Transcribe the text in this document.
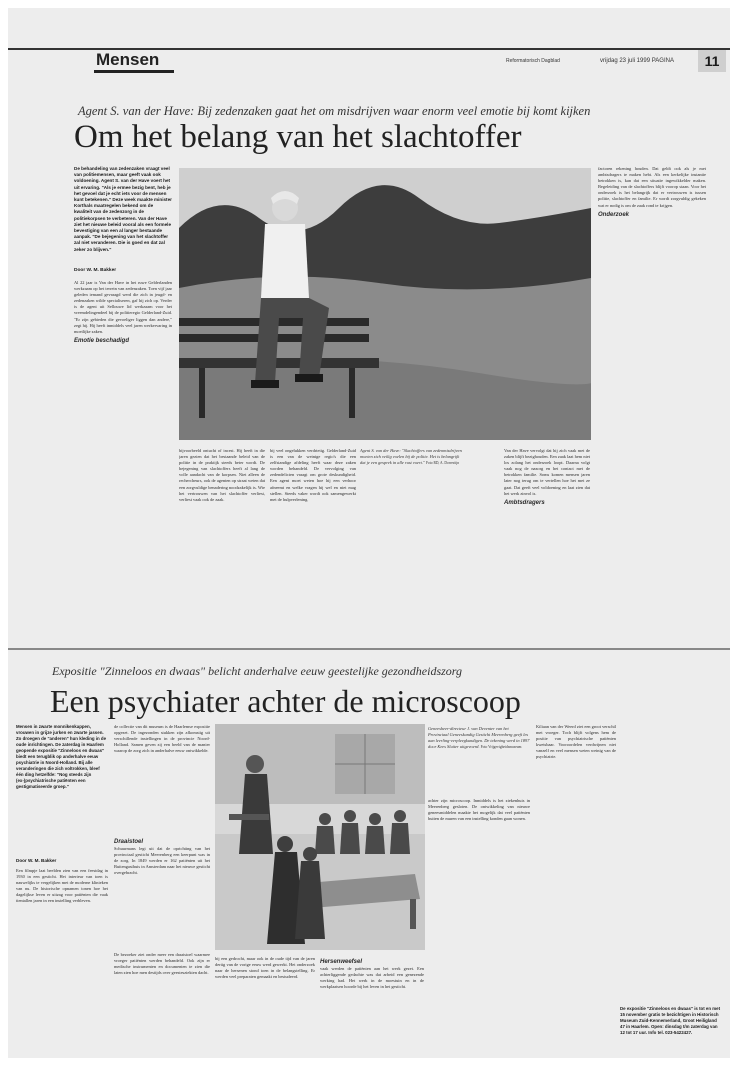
Mensen	Reformatorisch Dagblad	vrijdag 23 juli 1999 PAGINA	11
Agent S. van der Have: Bij zedenzaken gaat het om misdrijven waar enorm veel emotie bij komt kijken
Om het belang van het slachtoffer
De behandeling van zedenzaken vraagt veel van politiemensen, maar geeft vaak ook voldoening. Agent S. van der Have voert het uit ervaring. "Als je ermee bezig bent, heb je het gevoel dat je echt iets voor de mensen kunt betekenen." Deze week maakte minister Korthals maatregelen bekend om de kwaliteit van de zedenzorg in de politiekorpsen te verbeteren. Van der Have ziet het nieuwe beleid vooral als een formele bevestiging van een al langer bestaande aanpak. "De bejegening van het slachtoffer zal niet veranderen. Die is goed en dat zal zeker zo blijven."
Door W. M. Bakker

Al 22 jaar is Van der Have in het ruwe Gelderlanden werkzaam op het terrein van zedenzaken. Toen vijf jaar geleden iemand gevraagd werd die zich in jeugd- en zedenzaken wilde specialiseren, gaf hij zich op. Verder is de agent uit Sellouwe lid werkzaam voor het vreemdelingendeel bij de politieregio Gelderland-Zuid. "Er zijn gebieden die gevoeliger liggen dan andere," zegt hij. Hij heeft inmiddels veel jaren werkervaring in moeilijke zaken.

Emotie beschadigd

bijvoorbeeld ontucht of incest. Hij heeft in die jaren gezien dat het bestaande beleid van de politie in de praktijk steeds beter wordt. De bejegening van slachtoffers heeft al lang de volle aandacht van de korpsen. Niet alleen de rechercheurs, ook de agenten op straat weten dat een zorgvuldige benadering noodzakelijk is. Wie het vertrouwen van het slachtoffer verliest, verliest vaak ook de zaak.

bij veel ongelukken verdrietig. Gelderland-Zuid is een van de weinige regio's die een zelfstandige afdeling heeft waar deze zaken worden behandeld. De vervolging van zedendelicten vraagt om grote deskundigheid. Een agent moet weten hoe hij een verhoor afneemt en welke vragen hij wel en niet mag stellen. Steeds vaker wordt ook samengewerkt met de hulpverlening.

Van der Have vervolgt dat hij zich vaak met de zaken blijft bezighouden. Een zaak laat hem niet los zolang het onderzoek loopt. Daarna volgt vaak nog de nazorg en het contact met de betrokken familie. Soms komen mensen jaren later nog terug om te vertellen hoe het met ze gaat. Dat geeft veel voldoening en laat zien dat het werk zinvol is.

Ambtsdragers

factoren rekening houden. Dat geldt ook als je met ambtsdragers te maken hebt. Als een kerkelijke instantie betrokken is, kan dat een situatie ingewikkelder maken. Begeleiding van de slachtoffers blijft voorop staan. Voor het onderzoek is het belangrijk dat er vertrouwen is tussen politie, slachtoffer en familie. Er wordt zorgvuldig gekeken wat er nodig is om de zaak rond te krijgen.

Onderzoek
Agent S. van der Have: "Slachtoffers van zedenmisdrijven moeten zich veilig voelen bij de politie. Het is belangrijk dat je een gesprek in alle rust voert." Foto RD, A. Dorrestijn
Expositie "Zinneloos en dwaas" belicht anderhalve eeuw geestelijke gezondheidszorg
Een psychiater achter de microscoop
Mensen in zwarte monnikenkappen, vrouwen in grijze jurken en zwarte jassen. Zo droegen de "anderen" hun kleding in de oude inrichtingen. De zaterdag in Haarlem geopende expositie "Zinneloos en dwaas" biedt een terugblik op anderhalve eeuw psychiatrie in Noord-Holland. Bij alle veranderingen die zich voltrokken, bleef één ding hetzelfde: "Nog steeds zijn (ex-)psychiatrische patiënten een gestigmatiseerde groep."
Door W. M. Bakker

Een filmpje laat beelden zien van een feestdag in 1930 in een gesticht. Het interieur van toen is nauwelijks te vergelijken met de moderne klinieken van nu. De historische opnamen tonen hoe het dagelijkse leven er uitzag voor patiënten die vaak tientallen jaren in een instelling verbleven.

de collectie van dit museum is de Haarlemse expositie opgezet. De ingezonden stukken zijn afkomstig uit verschillende instellingen in de provincie Noord-Holland. Samen geven zij een beeld van de manier waarop de zorg zich in anderhalve eeuw ontwikkelde.

Draaistoel

Schuurmans legt uit dat de oprichting van het provinciaal gesticht Meerenberg een keerpunt was in de zorg. In 1849 werden er 162 patiënten uit het Buitengasthuis in Amsterdam naar het nieuwe gesticht overgebracht.

De bezoeker ziet onder meer een draaistoel waarmee vroeger patiënten werden behandeld. Ook zijn er medische instrumenten en documenten te zien die laten zien hoe men destijds over geestesziekten dacht.

bij een gedrocht, maar ook in de oude tijd van de jaren dertig van de vorige eeuw werd gewerkt. Het onderzoek naar de hersenen stond toen in de belangstelling. Er werden veel preparaten gemaakt en bestudeerd.

Hersenweefsel

vaak werden de patiënten aan het werk gezet. Een achterliggende gedachte was dat arbeid een genezende werking had. Het werk in de moestuin en in de werkplaatsen hoorde bij het leven in het gesticht.

achter zijn microscoop. Inmiddels is het ziekenhuis in Meerenberg gesloten. De ontwikkeling van nieuwe geneesmiddelen maakte het mogelijk dat veel patiënten buiten de muren van een instelling konden gaan wonen.

Kiliaan van der Weerd ziet een groot verschil met vroeger. Toch blijft volgens hem de positie van psychiatrische patiënten kwetsbaar. Vooroordelen verdwijnen niet vanzelf en veel mensen weten weinig van de psychiatrie.

Geneesheer-directeur J. van Deventer van het Provinciaal Geneeskundig Gesticht Meerenberg geeft les aan leerling-verpleegkundigen. De tekening werd in 1897 door Kees Sluiter uitgevoerd. Foto Vrijgevigheidsmuseum
De expositie "Zinneloos en dwaas" is tot en met 15 november gratis te bezichtigen in Historisch Museum Zuid-Kennemerland, Groot Heiligland 47 in Haarlem. Open: dinsdag t/m zaterdag van 12 tot 17 uur. Info tel. 023-5422427.
